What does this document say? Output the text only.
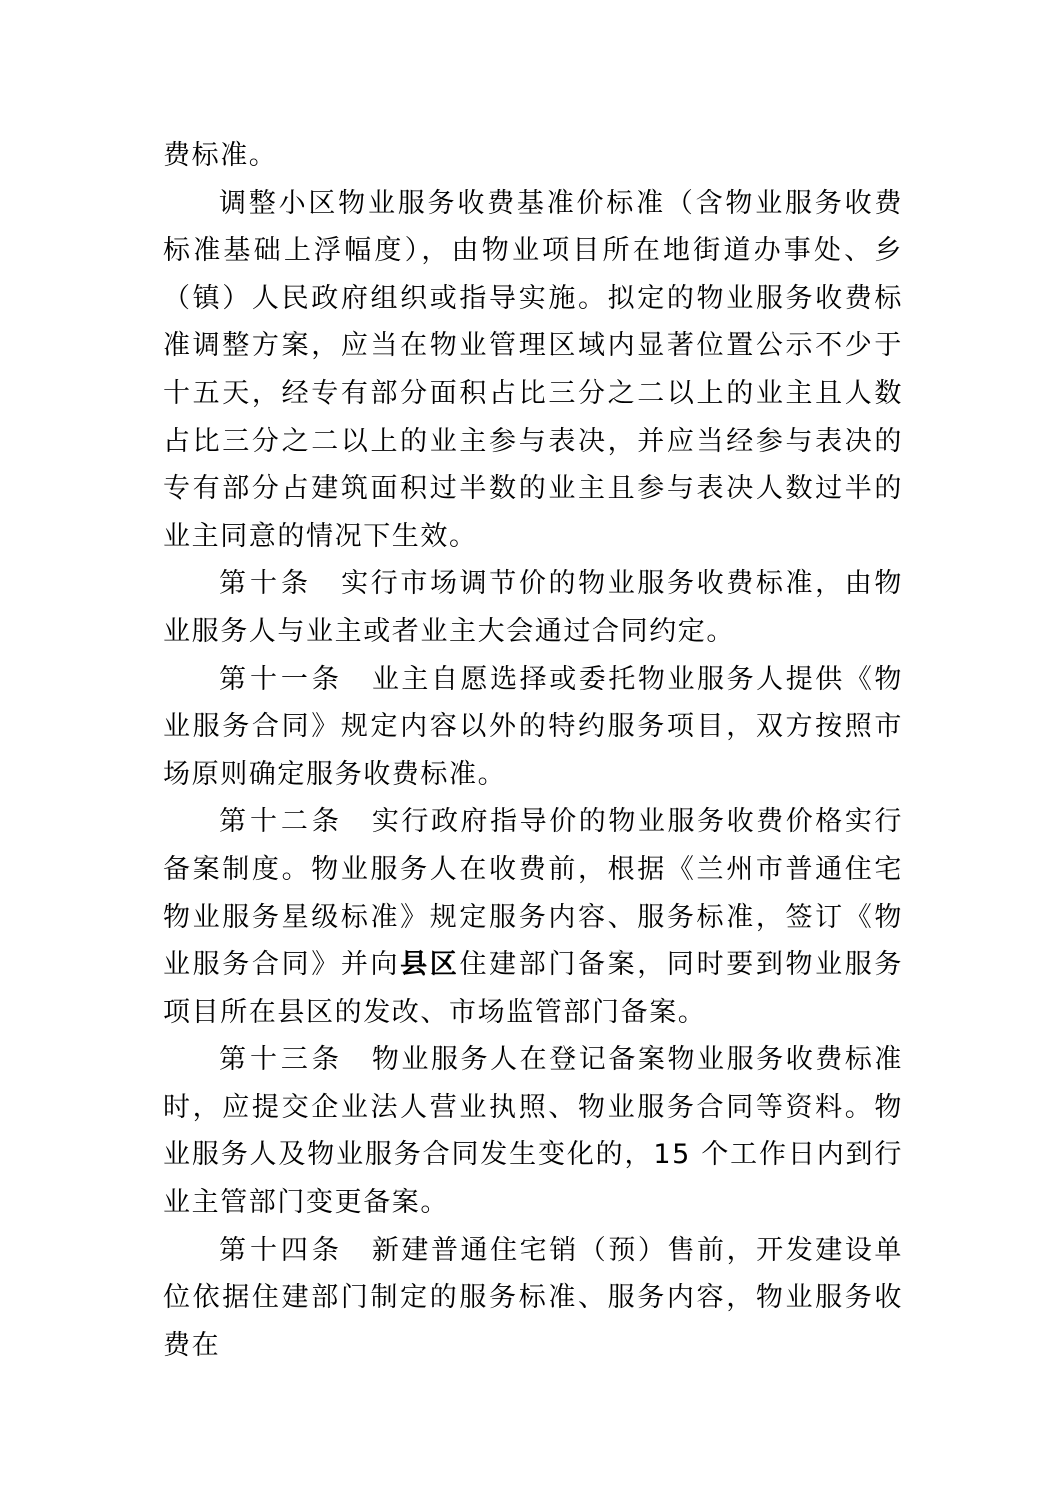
费标准。

调整小区物业服务收费基准价标准（含物业服务收费标准基础上浮幅度），由物业项目所在地街道办事处、乡（镇）人民政府组织或指导实施。拟定的物业服务收费标准调整方案，应当在物业管理区域内显著位置公示不少于十五天，经专有部分面积占比三分之二以上的业主且人数占比三分之二以上的业主参与表决，并应当经参与表决的专有部分占建筑面积过半数的业主且参与表决人数过半的业主同意的情况下生效。

第十条 实行市场调节价的物业服务收费标准，由物业服务人与业主或者业主大会通过合同约定。

第十一条 业主自愿选择或委托物业服务人提供《物业服务合同》规定内容以外的特约服务项目，双方按照市场原则确定服务收费标准。

第十二条 实行政府指导价的物业服务收费价格实行备案制度。物业服务人在收费前，根据《兰州市普通住宅物业服务星级标准》规定服务内容、服务标准，签订《物业服务合同》并向县区住建部门备案，同时要到物业服务项目所在县区的发改、市场监管部门备案。

第十三条 物业服务人在登记备案物业服务收费标准时，应提交企业法人营业执照、物业服务合同等资料。物业服务人及物业服务合同发生变化的，15 个工作日内到行业主管部门变更备案。

第十四条 新建普通住宅销（预）售前，开发建设单位依据住建部门制定的服务标准、服务内容，物业服务收费在
